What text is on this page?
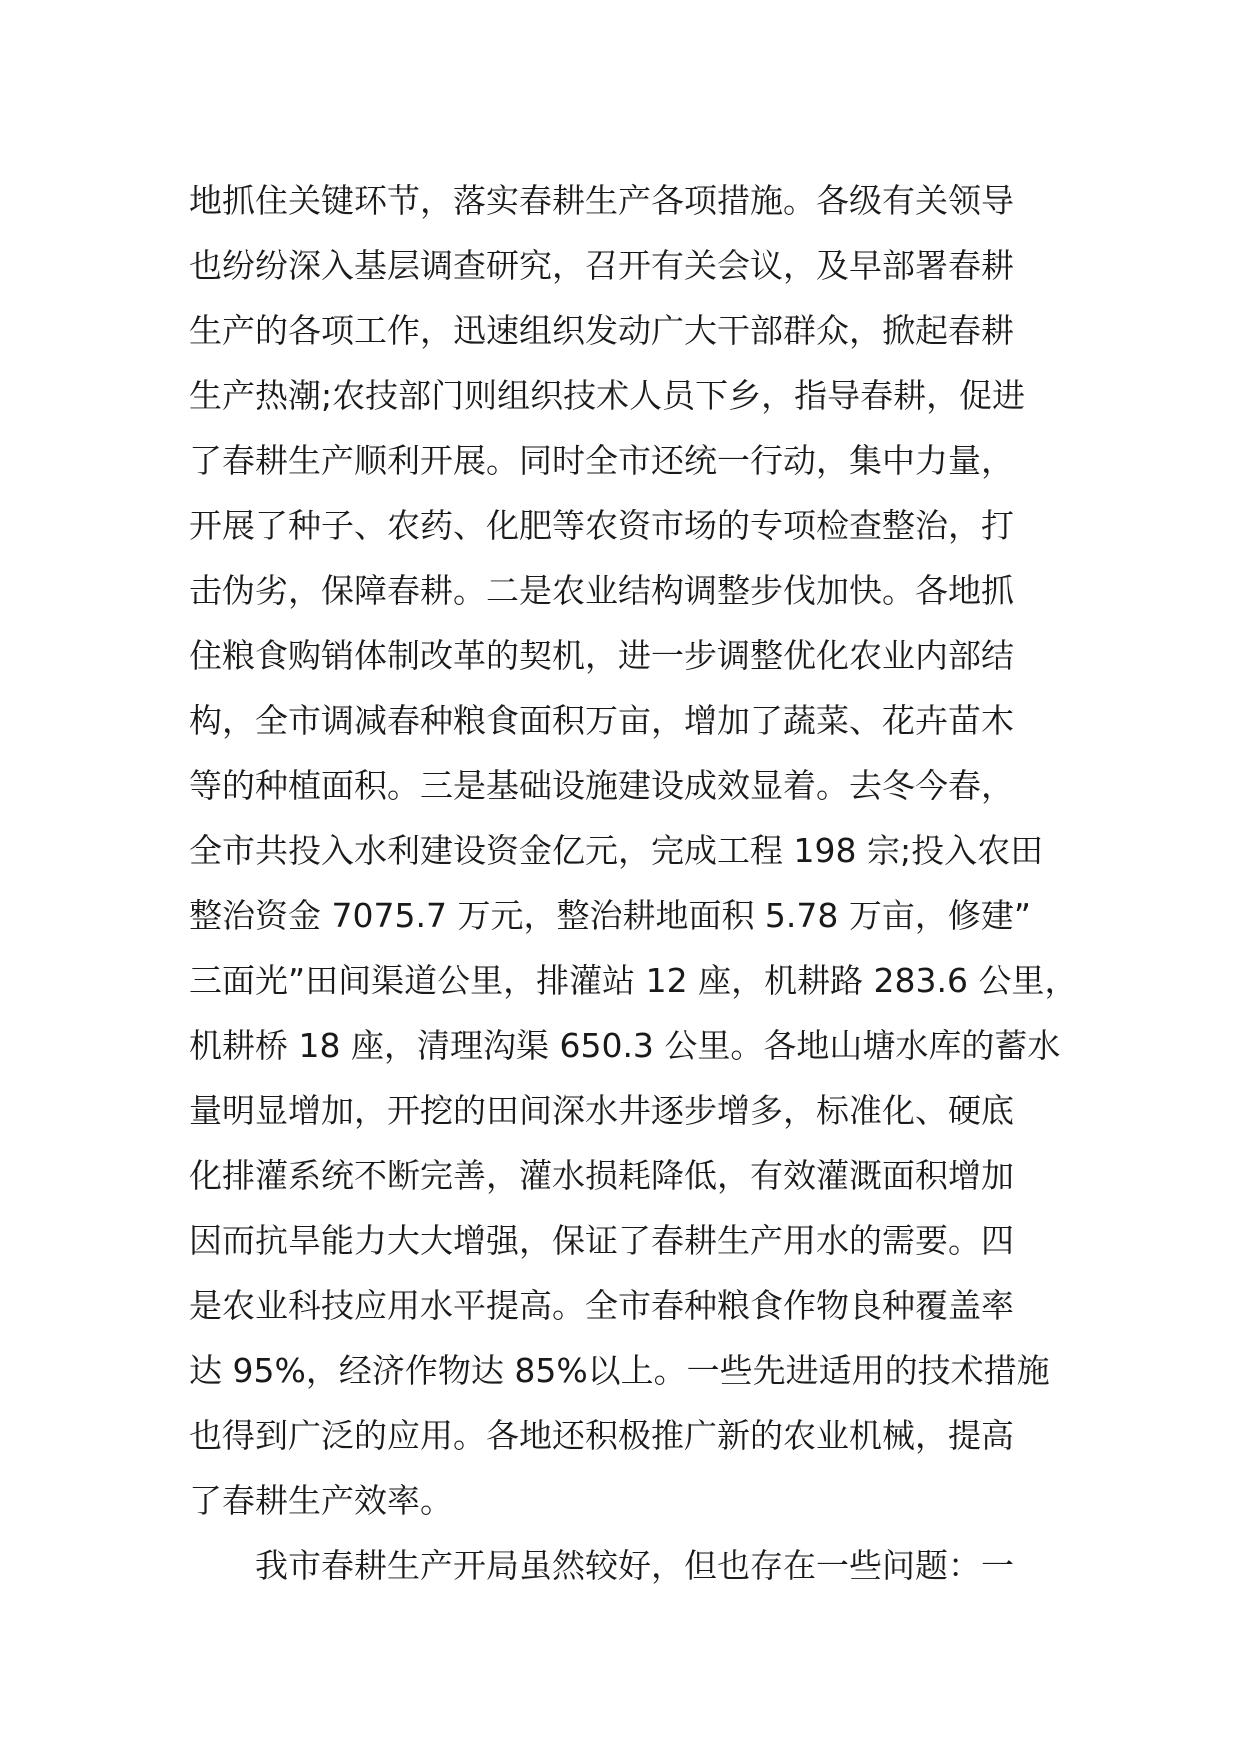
地抓住关键环节，落实春耕生产各项措施。各级有关领导
也纷纷深入基层调查研究，召开有关会议，及早部署春耕
生产的各项工作，迅速组织发动广大干部群众，掀起春耕
生产热潮;农技部门则组织技术人员下乡，指导春耕，促进
了春耕生产顺利开展。同时全市还统一行动，集中力量，
开展了种子、农药、化肥等农资市场的专项检查整治，打
击伪劣，保障春耕。二是农业结构调整步伐加快。各地抓
住粮食购销体制改革的契机，进一步调整优化农业内部结
构，全市调减春种粮食面积万亩，增加了蔬菜、花卉苗木
等的种植面积。三是基础设施建设成效显着。去冬今春，
全市共投入水利建设资金亿元，完成工程 198 宗;投入农田
整治资金 7075.7 万元，整治耕地面积 5.78 万亩，修建”
三面光”田间渠道公里，排灌站 12 座，机耕路 283.6 公里，
机耕桥 18 座，清理沟渠 650.3 公里。各地山塘水库的蓄水
量明显增加，开挖的田间深水井逐步增多，标准化、硬底
化排灌系统不断完善，灌水损耗降低，有效灌溉面积增加
因而抗旱能力大大增强，保证了春耕生产用水的需要。四
是农业科技应用水平提高。全市春种粮食作物良种覆盖率
达 95%，经济作物达 85%以上。一些先进适用的技术措施
也得到广泛的应用。各地还积极推广新的农业机械，提高
了春耕生产效率。
我市春耕生产开局虽然较好，但也存在一些问题：一
